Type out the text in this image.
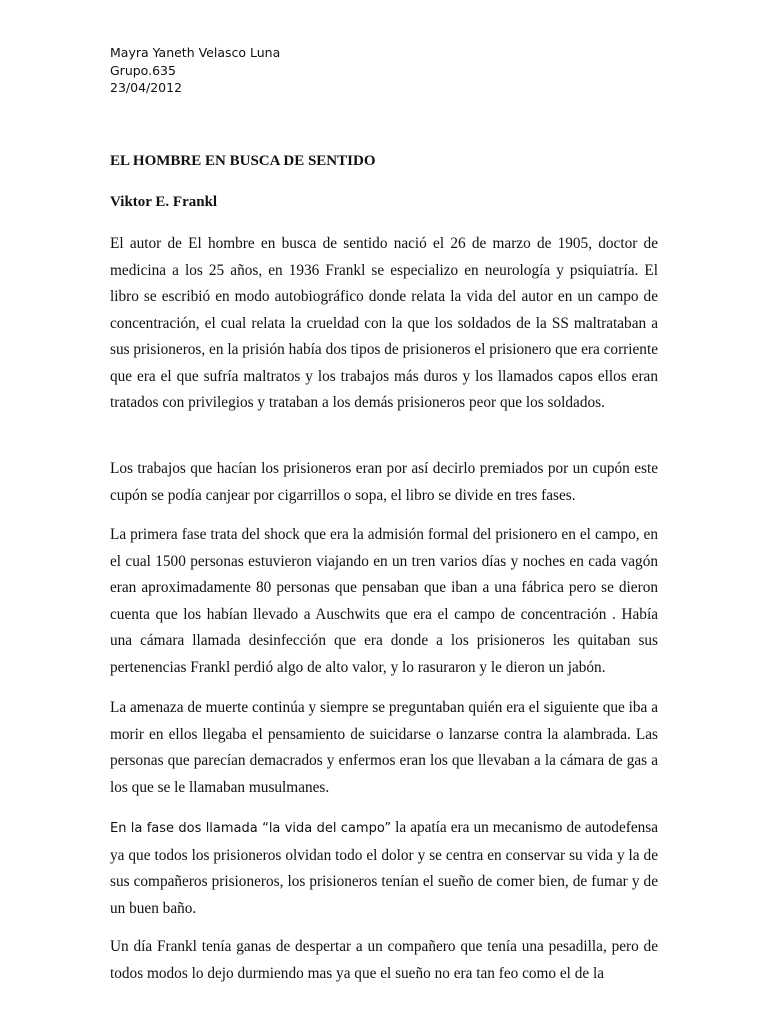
Mayra Yaneth Velasco Luna
Grupo.635
23/04/2012
EL HOMBRE EN BUSCA DE SENTIDO
Viktor E. Frankl
El autor de El hombre en busca de sentido nació el 26 de marzo de 1905, doctor de medicina a los 25 años, en 1936 Frankl se especializo en neurología y psiquiatría. El libro se escribió en modo autobiográfico donde relata la vida del autor en un campo de concentración, el cual relata la crueldad con la que los soldados de la SS maltrataban a sus prisioneros, en la prisión había dos tipos de prisioneros el prisionero que era corriente que era el que sufría maltratos y los trabajos más duros y los llamados capos ellos eran tratados con privilegios y trataban a los demás prisioneros peor que los soldados.
Los trabajos que hacían los prisioneros eran por así decirlo premiados por un cupón este cupón se podía canjear por cigarrillos o sopa, el libro se divide en tres fases.
La primera fase trata del shock que era la admisión formal del prisionero en el campo, en el cual 1500 personas estuvieron viajando en un tren varios días y noches en cada vagón eran aproximadamente 80 personas que pensaban que iban a una fábrica pero se dieron cuenta que los habían llevado a Auschwits que era el campo de concentración . Había una cámara llamada desinfección que era donde a los prisioneros les quitaban sus pertenencias Frankl perdió algo de alto valor, y lo rasuraron y le dieron un jabón.
La amenaza de muerte continúa y siempre se preguntaban quién era el siguiente que iba a morir en ellos llegaba el pensamiento de suicidarse o lanzarse contra la alambrada. Las personas que parecían demacrados y enfermos eran los que llevaban a la cámara de gas a los que se le llamaban musulmanes.
En la fase dos llamada “la vida del campo” la apatía era un mecanismo de autodefensa ya que todos los prisioneros olvidan todo el dolor y se centra en conservar su vida y la de sus compañeros prisioneros, los prisioneros tenían el sueño de comer bien, de fumar y de un buen baño.
Un día Frankl tenía ganas de despertar a un compañero que tenía una pesadilla, pero de todos modos lo dejo durmiendo mas ya que el sueño no era tan feo como el de la
